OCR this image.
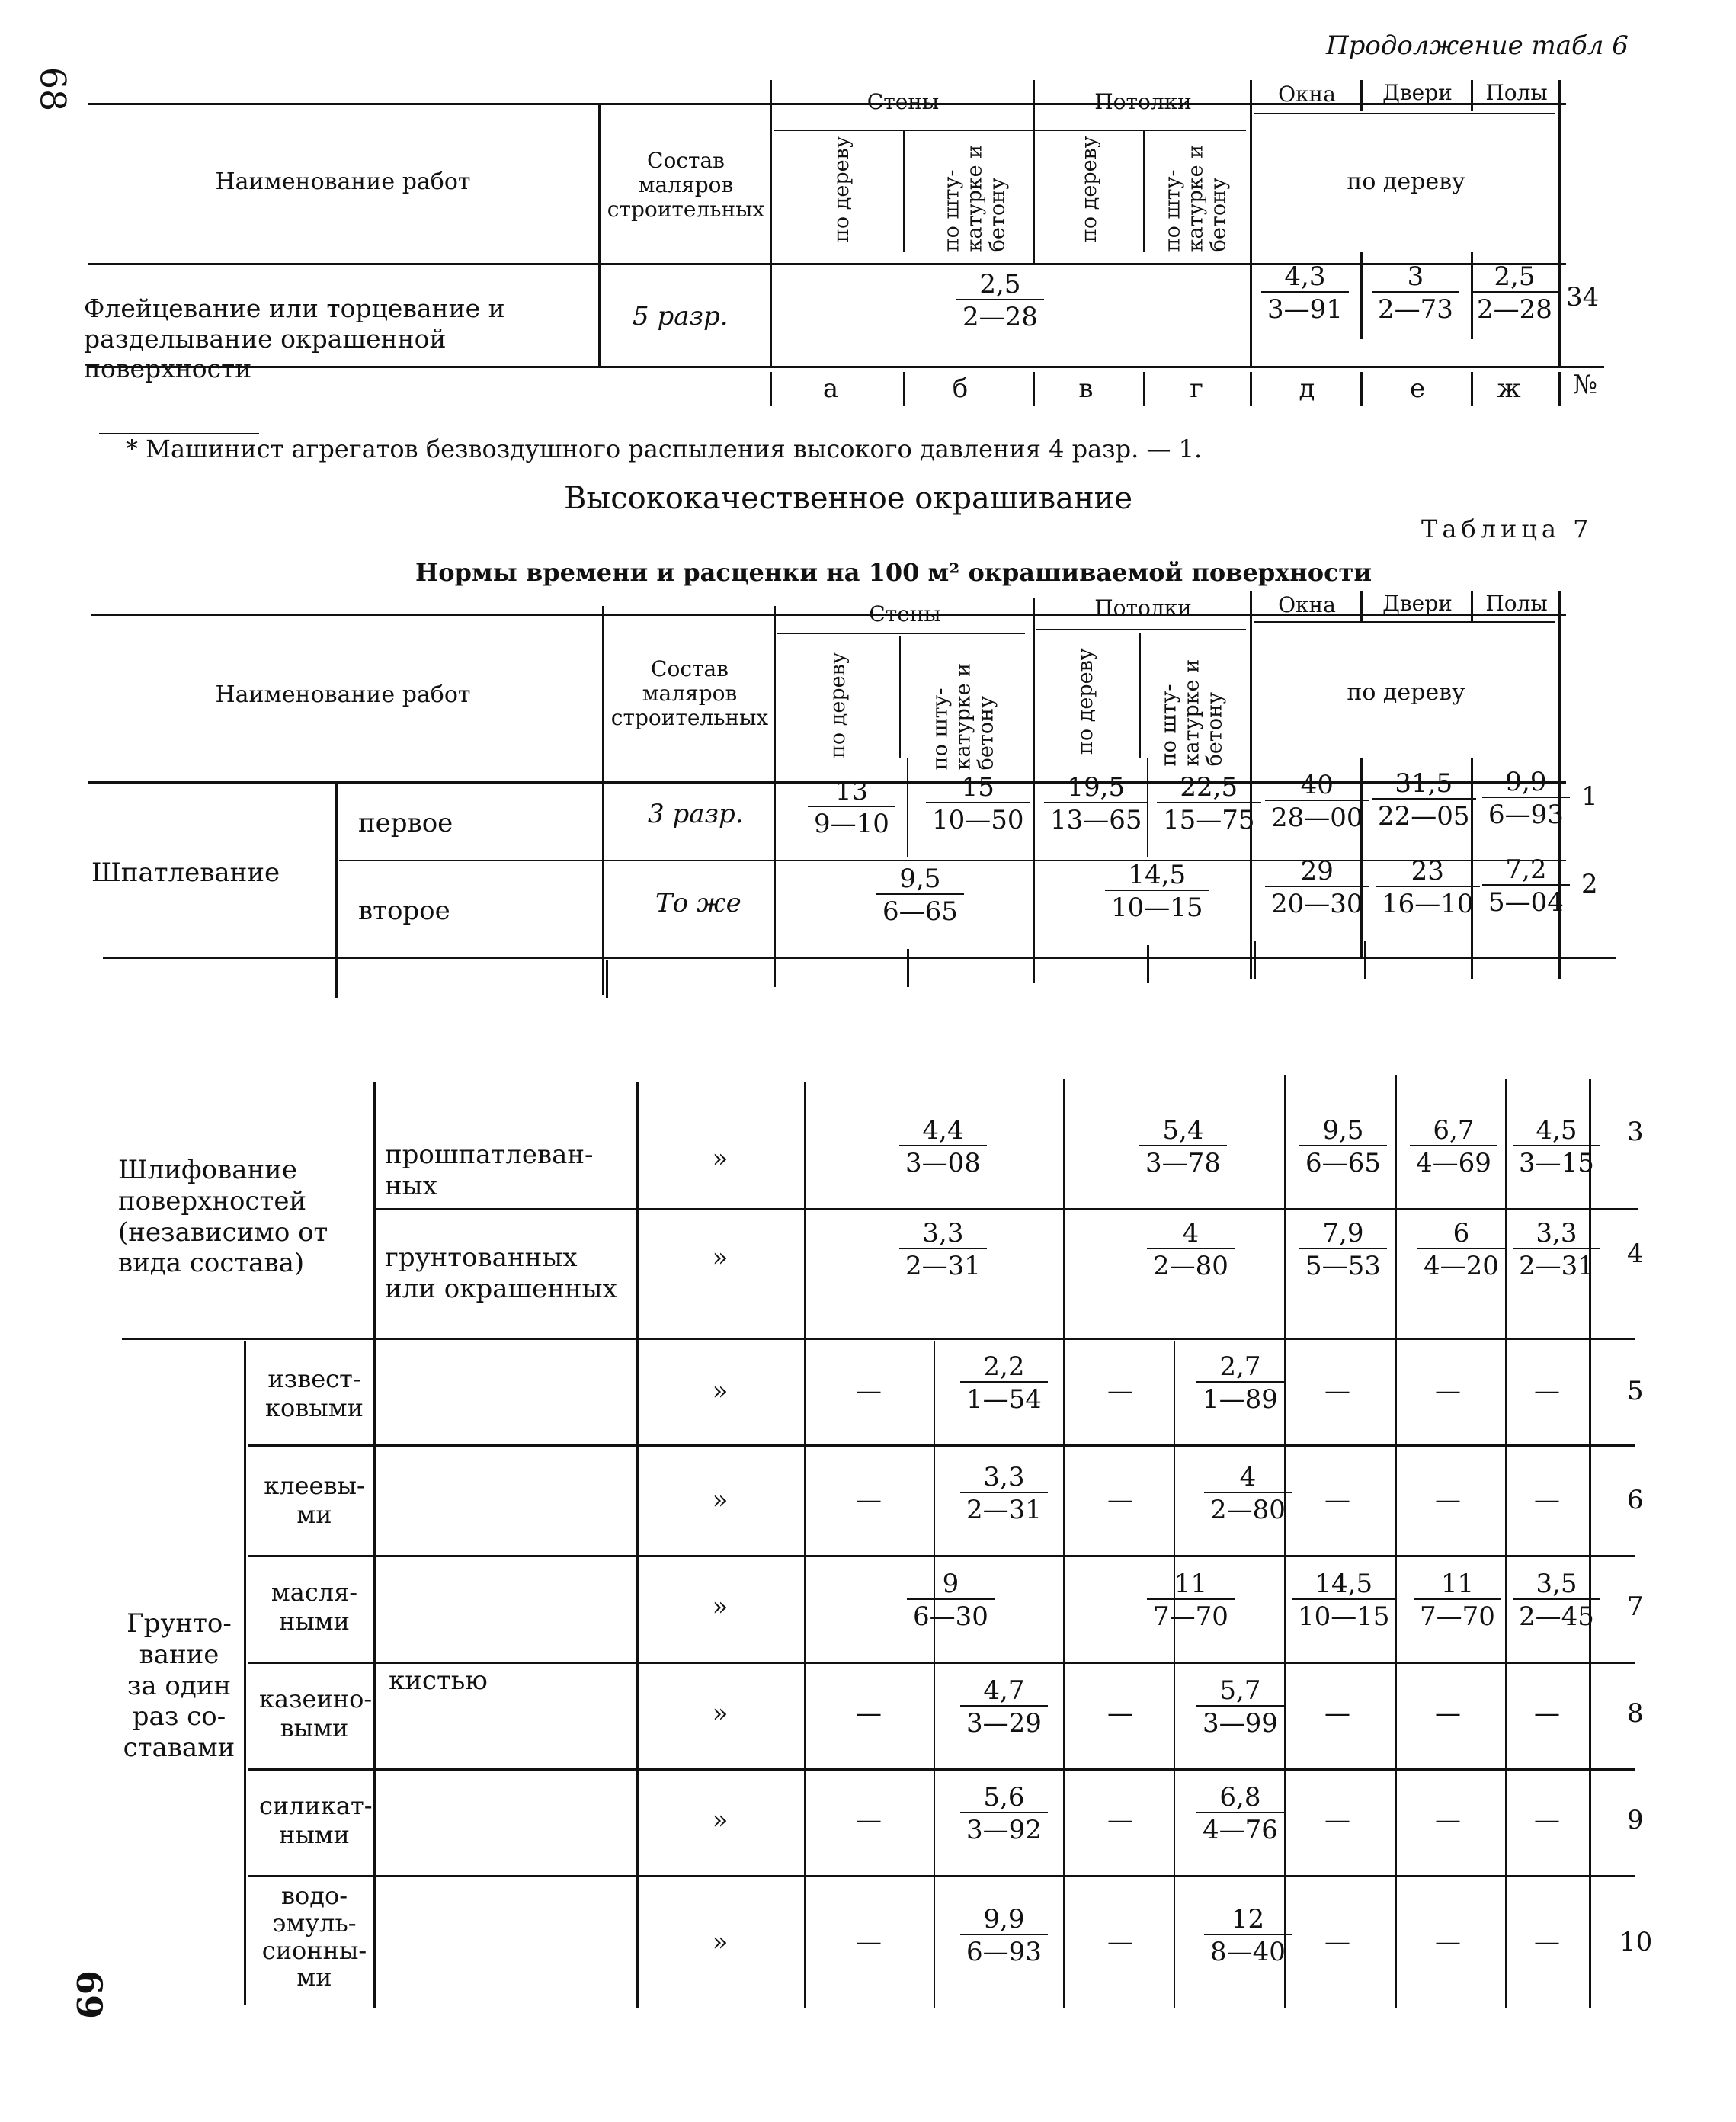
68
Продолжение табл 6
Наименование работ
Состав маляров строительных
Стены	Потолки	Окна	Двери	Полы
по дереву	по шту- катурке и бетону	по дереву	по шту- катурке и бетону	по дереву
Флейцевание или торцевание и разделывание окрашенной поверхности
5 разр.	$\frac{2,5}{2—28}$	$\frac{4,3}{3—91} \frac{3}{2—73} \frac{2,5}{2—28} 34$
а	б	в	г	д	е	ж	№
* Машинист агрегатов безвоздушного распыления высокого давления 4 разр. — 1.
Высококачественное окрашивание
Таблица 7
Нормы времени и расценки на 100 м² окрашиваемой поверхности
Наименование работ
Состав маляров строительных
Стены	Потолки	Окна	Двери	Полы
по дереву	по шту- катурке и бетону	по дереву	по шту- катурке и бетону	по дереву
Шпатлевание
первое	3 разр. $\frac{13}{9—10} \frac{15}{10—50} \frac{19,5}{13—65} \frac{22,5}{15—75} \frac{40}{28—00} \frac{31,5}{22—05} \frac{9,9}{6—93} 1$
второе	То же	$\frac{9,5}{6—65}$	$\frac{14,5}{10—15} \frac{29}{20—30} \frac{23}{16—10} \frac{7,2}{5—04} 2$
Шлифование поверхностей (независимо от вида состава)
прошпатлеван- ных
»	$\frac{4,4}{3—08}$	$\frac{5,4}{3—78}$	$\frac{9,5}{6—65} \frac{6,7}{4—69} \frac{4,5}{3—15} 3$
грунтованных или окрашенных
»	$\frac{3,3}{2—31}$	$\frac{4}{2—80}$	$\frac{7,9}{5—53} \frac{6}{4—20} \frac{3,3}{2—31} 4$
Грунто- вание за один раз со- ставами
кистью
извест- ковыми
»	—	$\frac{2,2}{1—54}$	—	$\frac{2,7}{1—89}$	—	—	—	5
клеевы- ми	»	—	$\frac{3,3}{2—31}$	—	$\frac{4}{2—80}$	—	—	—	6
масля- ными	»	$\frac{9}{6—30}$	$\frac{11}{7—70} \frac{14,5}{10—15} \frac{11}{7—70} \frac{3,5}{2—45} 7$
казеино- выми	»	—	$\frac{4,7}{3—29}$	—	$\frac{5,7}{3—99}$	—	—	—	8
силикат- ными	»	—	$\frac{5,6}{3—92}$	—	$\frac{6,8}{4—76}$	—	—	—	9
водо- эмуль- сионны- ми
»	—	$\frac{9,9}{6—93}$	—	$\frac{12}{8—40}$	—	—	—	10
69
